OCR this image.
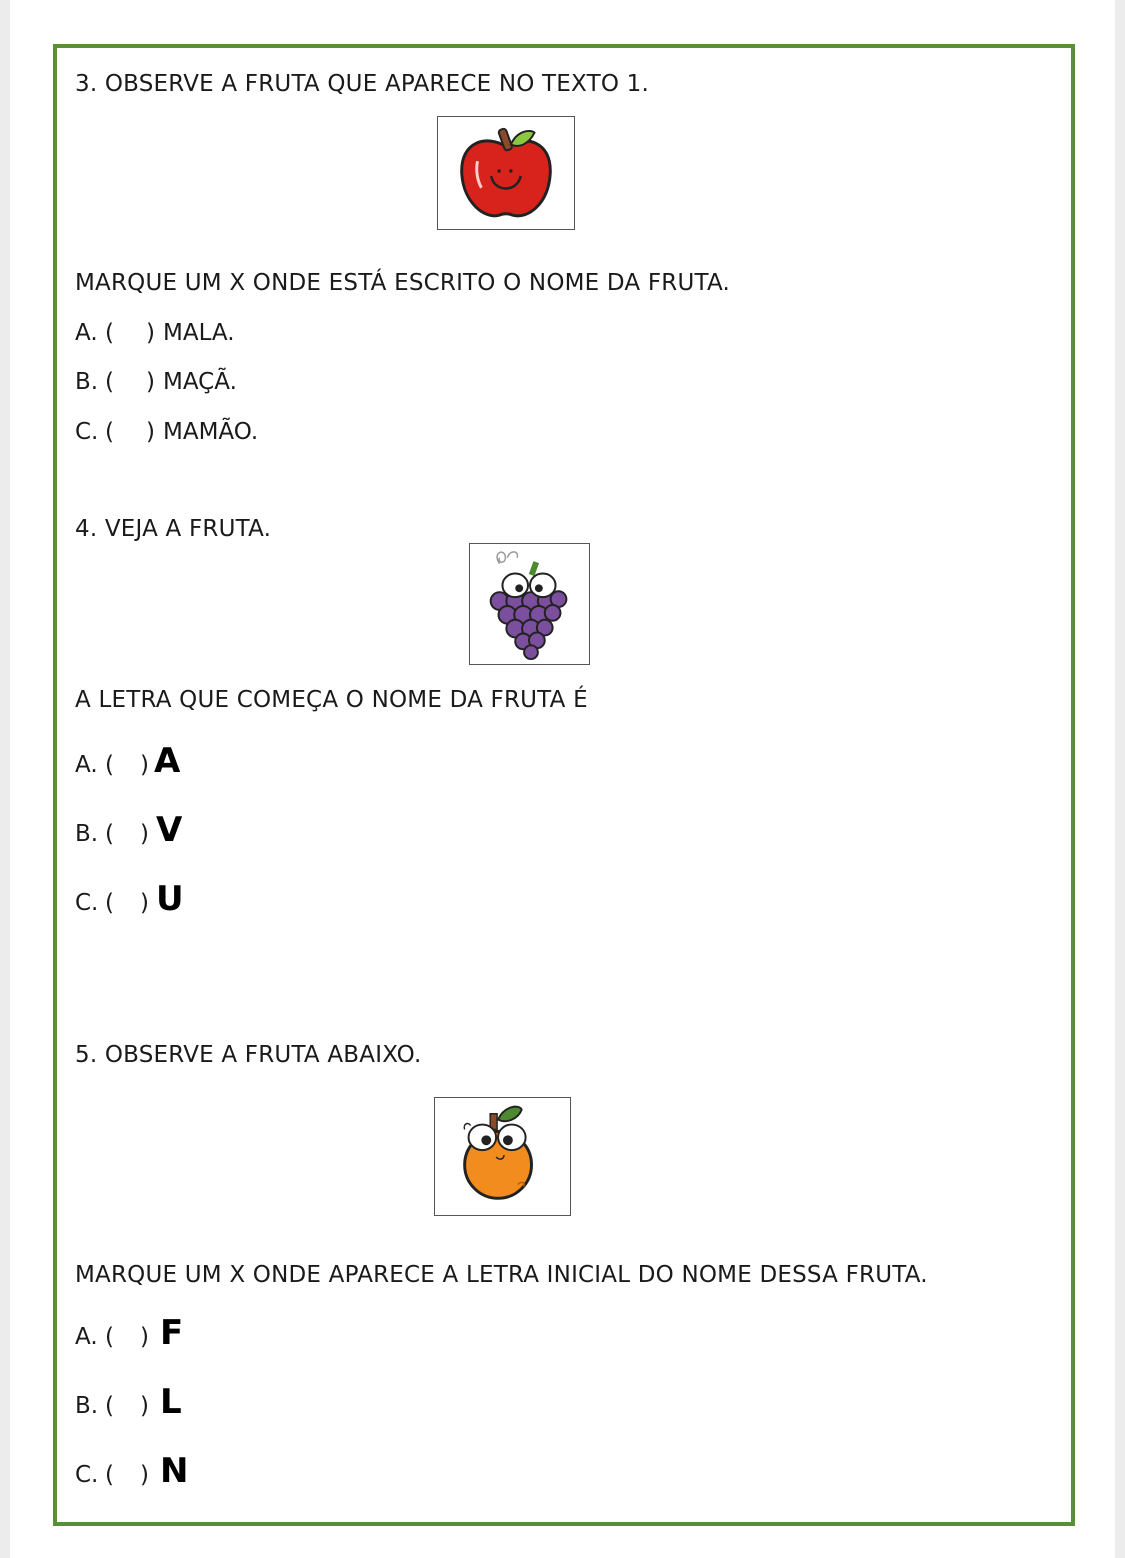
3. OBSERVE A FRUTA QUE APARECE NO TEXTO 1.
MARQUE UM X ONDE ESTÁ ESCRITO O NOME DA FRUTA.
A. ( ) MALA.
B. ( ) MAÇÃ.
C. ( ) MAMÃO.
4. VEJA A FRUTA.
A LETRA QUE COMEÇA O NOME DA FRUTA É
A. ( ) A
B. ( ) V
C. ( ) U
5. OBSERVE A FRUTA ABAIXO.
MARQUE UM X ONDE APARECE A LETRA INICIAL DO NOME DESSA FRUTA.
A. ( ) F
B. ( ) L
C. ( ) N
